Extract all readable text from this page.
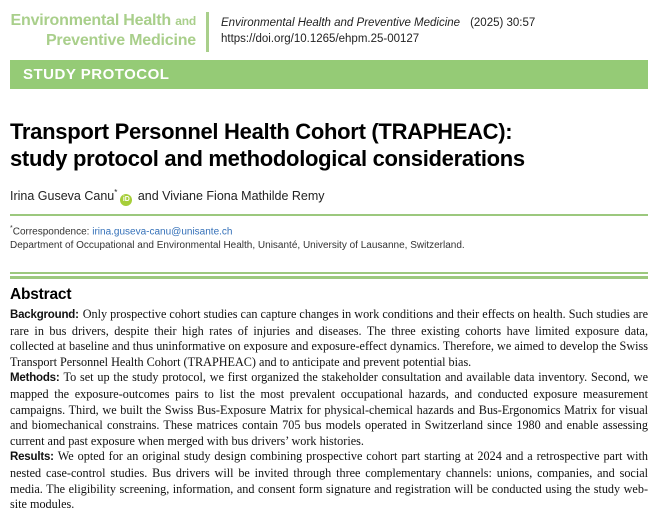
Environmental Health and
Preventive Medicine
Environmental Health and Preventive Medicine (2025) 30:57
https://doi.org/10.1265/ehpm.25-00127
STUDY PROTOCOL
Transport Personnel Health Cohort (TRAPHEAC):
study protocol and methodological considerations
Irina Guseva Canu*iD and Viviane Fiona Mathilde Remy
*Correspondence: irina.guseva-canu@unisante.ch
Department of Occupational and Environmental Health, Unisanté, University of Lausanne, Switzerland.
Abstract

Background: Only prospective cohort studies can capture changes in work conditions and their effects on health. Such studies are rare in bus drivers, despite their high rates of injuries and diseases. The three existing cohorts have limited exposure data, collected at baseline and thus uninformative on exposure and exposure-effect dynamics. Therefore, we aimed to develop the Swiss Transport Personnel Health Cohort (TRAPHEAC) and to anticipate and prevent potential bias.

Methods: To set up the study protocol, we first organized the stakeholder consultation and available data inventory. Second, we mapped the exposure-outcomes pairs to list the most prevalent occupational hazards, and conducted exposure measurement campaigns. Third, we built the Swiss Bus-Exposure Matrix for physical-chemical hazards and Bus-Ergonomics Matrix for visual and biomechanical constrains. These matrices contain 705 bus models operated in Switzerland since 1980 and enable assessing current and past exposure when merged with bus drivers’ work histories.

Results: We opted for an original study design combining prospective cohort part starting at 2024 and a retrospective part with nested case-control studies. Bus drivers will be invited through three complementary channels: unions, companies, and social media. The eligibility screening, information, and consent form signature and registration will be conducted using the study web-site modules.
